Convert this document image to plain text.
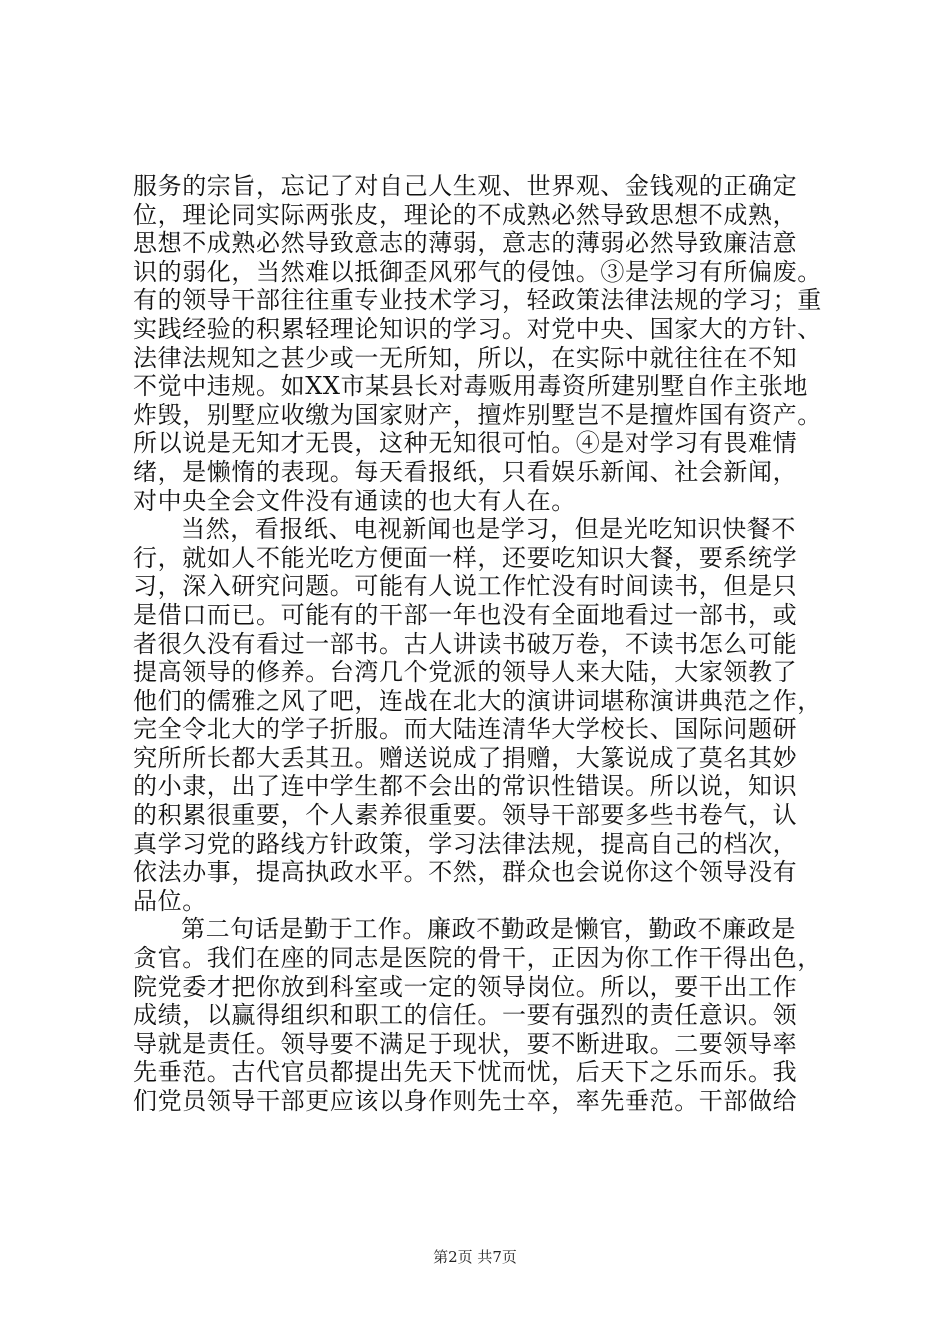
服务的宗旨，忘记了对自己人生观、世界观、金钱观的正确定
位，理论同实际两张皮，理论的不成熟必然导致思想不成熟，
思想不成熟必然导致意志的薄弱，意志的薄弱必然导致廉洁意
识的弱化，当然难以抵御歪风邪气的侵蚀。③是学习有所偏废。
有的领导干部往往重专业技术学习，轻政策法律法规的学习；重
实践经验的积累轻理论知识的学习。对党中央、国家大的方针、
法律法规知之甚少或一无所知，所以，在实际中就往往在不知
不觉中违规。如XX市某县长对毒贩用毒资所建别墅自作主张地
炸毁，别墅应收缴为国家财产，擅炸别墅岂不是擅炸国有资产。
所以说是无知才无畏，这种无知很可怕。④是对学习有畏难情
绪，是懒惰的表现。每天看报纸，只看娱乐新闻、社会新闻，
对中央全会文件没有通读的也大有人在。
当然，看报纸、电视新闻也是学习，但是光吃知识快餐不
行，就如人不能光吃方便面一样，还要吃知识大餐，要系统学
习，深入研究问题。可能有人说工作忙没有时间读书，但是只
是借口而已。可能有的干部一年也没有全面地看过一部书，或
者很久没有看过一部书。古人讲读书破万卷，不读书怎么可能
提高领导的修养。台湾几个党派的领导人来大陆，大家领教了
他们的儒雅之风了吧，连战在北大的演讲词堪称演讲典范之作，
完全令北大的学子折服。而大陆连清华大学校长、国际问题研
究所所长都大丢其丑。赠送说成了捐赠，大篆说成了莫名其妙
的小隶，出了连中学生都不会出的常识性错误。所以说，知识
的积累很重要，个人素养很重要。领导干部要多些书卷气，认
真学习党的路线方针政策，学习法律法规，提高自己的档次，
依法办事，提高执政水平。不然，群众也会说你这个领导没有
品位。
第二句话是勤于工作。廉政不勤政是懒官，勤政不廉政是
贪官。我们在座的同志是医院的骨干，正因为你工作干得出色，
院党委才把你放到科室或一定的领导岗位。所以，要干出工作
成绩，以赢得组织和职工的信任。一要有强烈的责任意识。领
导就是责任。领导要不满足于现状，要不断进取。二要领导率
先垂范。古代官员都提出先天下忧而忧，后天下之乐而乐。我
们党员领导干部更应该以身作则先士卒，率先垂范。干部做给
第2页 共7页
